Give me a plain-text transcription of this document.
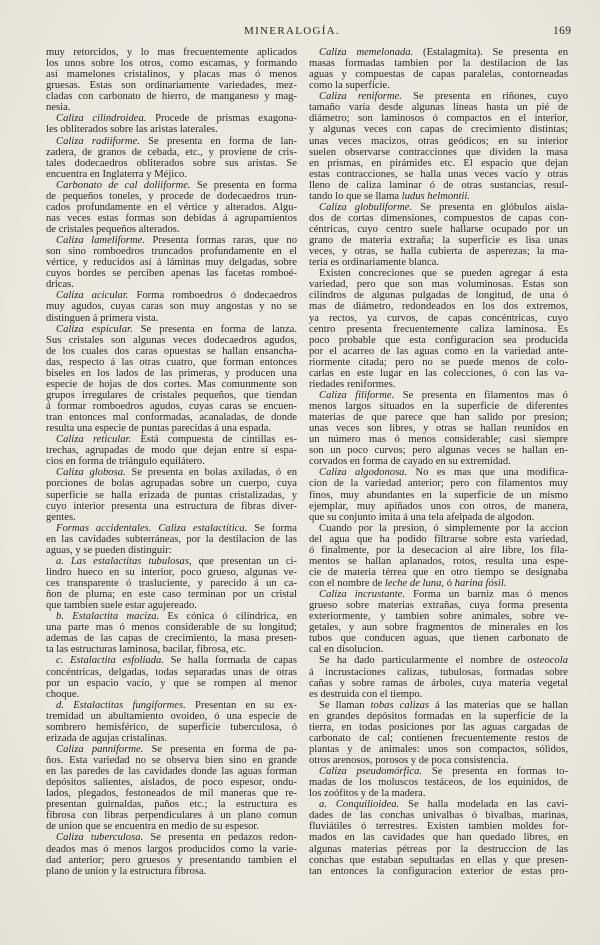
MINERALOGÍA.	169
muy retorcidos, y lo mas frecuentemente aplicados
los unos sobre los otros, como escamas, y formando
así mamelones cristalinos, y placas mas ó menos
gruesas. Estas son ordinariamente variedades, mez-
cladas con carbonato de hierro, de manganeso y mag-
nesia.
Caliza cilindroidea. Procede de prismas exagona-
les obliterados sobre las aristas laterales.
Caliza radiiforme. Se presenta en forma de lan-
zadera, de granos de cebada, etc., y proviene de cris-
tales dodecaedros obliterados sobre sus aristas. Se
encuentra en Inglaterra y Méjico.
Carbonato de cal doliiforme. Se presenta en forma
de pequeños toneles, y procede de dodecaedros trun-
cados profundamente en el vértice y alterados. Algu-
nas veces estas formas son debidas á agrupamientos
de cristales pequeños alterados.
Caliza lameliforme. Presenta formas raras, que no
son sino romboedros truncados profundamente en el
vértice, y reducidos así á láminas muy delgadas, sobre
cuyos bordes se perciben apenas las facetas romboé-
dricas.
Caliza acicular. Forma romboedros ó dodecaedros
muy agudos, cuyas caras son muy angostas y no se
distinguen á primera vista.
Caliza espicular. Se presenta en forma de lanza.
Sus cristales son algunas veces dodecaedros agudos,
de los cuales dos caras opuestas se hallan ensancha-
das, respecto á las otras cuatro, que forman entonces
biseles en los lados de las primeras, y producen una
especie de hojas de dos cortes. Mas comunmente son
grupos irregulares de cristales pequeños, que tiendan
á formar romboedros agudos, cuyas caras se encuen-
tran entonces mal conformadas, acanaladas, de donde
resulta una especie de puntas parecidas á una espada.
Caliza reticular. Está compuesta de cintillas es-
trechas, agrupadas de modo que dejan entre sí espa-
cios en forma de triángulo equilátero.
Caliza globosa. Se presenta en bolas axiladas, ó en
porciones de bolas agrupadas sobre un cuerpo, cuya
superficie se halla erizada de puntas cristalizadas, y
cuyo interior presenta una estructura de fibras diver-
gentes.
Formas accidentales. Caliza estalactítica. Se forma
en las cavidades subterráneas, por la destilacion de las
aguas, y se pueden distinguir:
a. Las estalactitas tubulosas, que presentan un ci-
lindro hueco en su interior, poco grueso, algunas ve-
ces transparente ó trasluciente, y parecido á un ca-
ñon de pluma; en este caso terminan por un cristal
que tambien suele estar agujereado.
b. Estalactita maciza. Es cónica ó cilíndrica, en
una parte mas ó menos considerable de su longitud;
ademas de las capas de crecimiento, la masa presen-
ta las estructuras laminosa, bacilar, fibrosa, etc.
c. Estalactita esfoliada. Se halla formada de capas
concéntricas, delgadas, todas separadas unas de otras
por un espacio vacío, y que se rompen al menor
choque.
d. Estalactitas fungiformes. Presentan en su ex-
tremidad un abultamiento ovoideo, ó una especie de
sombrero hemisférico, de superficie tuberculosa, ó
erizada de agujas cristalinas.
Caliza panniforme. Se presenta en forma de pa-
ños. Esta variedad no se observa bien sino en grande
en las paredes de las cavidades donde las aguas forman
depósitos salientes, aislados, de poco espesor, ondu-
lados, plegados, festoneados de mil maneras que re-
presentan guirnaldas, paños etc.; la estructura es
fibrosa con libras perpendiculares á un plano comun
de union que se encuentra en medio de su espesor.
Caliza tuberculosa. Se presenta en pedazos redon-
deados mas ó menos largos producidos como la varie-
dad anterior; pero gruesos y presentando tambien el
plano de union y la estructura fibrosa.
Caliza memelonada. (Estalagmita). Se presenta en
masas formadas tambien por la destilacion de las
aguas y compuestas de capas paralelas, contorneadas
como la superficie.
Caliza reniforme. Se presenta en riñones, cuyo
tamaño varía desde algunas líneas hasta un pié de
diámetro; son laminosos ó compactos en el interior,
y algunas veces con capas de crecimiento distintas;
unas veces macizos, otras geódicos; en su interior
suelen observarse contracciones que dividen la masa
en prismas, en pirámides etc. El espacio que dejan
estas contracciones, se halla unas veces vacío y otras
lleno de caliza laminar ó de otras sustancias, resul-
tando lo que se llama ludus helmontii.
Caliza globuliforme. Se presenta en glóbulos aisla-
dos de cortas dimensiones, compuestos de capas con-
céntricas, cuyo centro suele hallarse ocupado por un
grano de materia extraña; la superficie es lisa unas
veces, y otras, se halla cubierta de asperezas; la ma-
teria es ordinariamente blanca.
Existen concreciones que se pueden agregar á esta
variedad, pero que son mas voluminosas. Estas son
cilindros de algunas pulgadas de longitud, de una ó
mas de diámetro, redondeados en los dos extremos,
ya rectos, ya curvos, de capas concéntricas, cuyo
centro presenta frecuentemente caliza laminosa. Es
poco probable que esta configuracion sea producida
por el acarreo de las aguas como en la variedad ante-
riormente citada; pero no se puede menos de colo-
carlas en este lugar en las colecciones, ó con las va-
riedades reniformes.
Caliza filiforme. Se presenta en filamentos mas ó
menos largos situados en la superficie de diferentes
materias de que parece que han salido por presion;
unas veces son libres, y otras se hallan reunidos en
un número mas ó menos considerable; casi siempre
son un poco curvos; pero algunas veces se hallan en-
corvados en forma de cayado en su extremidad.
Caliza algodonosa. No es mas que una modifica-
cion de la variedad anterior; pero con filamentos muy
finos, muy abundantes en la superficie de un mismo
ejemplar, muy apiñados unos con otros, de manera,
que su conjunto imita á una tela afelpada de algodon.
Cuando por la presion, ó simplemente por la accion
del agua que ha podido filtrarse sobre esta variedad,
ó finalmente, por la desecacion al aire libre, los fila-
mentos se hallan aplanados, rotos, resulta una espe-
cie de materia térrea que en otro tiempo se designaba
con el nombre de leche de luna, ó harina fósil.
Caliza incrustante. Forma un barniz mas ó menos
grueso sobre materias extrañas, cuya forma presenta
exteriormente, y tambien sobre animales, sobre ve-
getales, y aun sobre fragmentos de minerales en los
tubos que conducen aguas, que tienen carbonato de
cal en disolucion.
Se ha dado particularmente el nombre de osteocola
á incrustaciones calizas, tubulosas, formadas sobre
cañas y sobre ramas de árboles, cuya materia vegetal
es destruida con el tiempo.
Se llaman tobas calizas á las materias que se hallan
en grandes depósitos formadas en la superficie de la
tierra, en todas posiciones por las aguas cargadas de
carbonato de cal; contienen frecuentemente restos de
plantas y de animales: unos son compactos, sólidos,
otros arenosos, porosos y de poca consistencia.
Caliza pseudomórfica. Se presenta en formas to-
madas de los moluscos testáceos, de los equinidos, de
los zoófitos y de la madera.
a. Conquilioidea. Se halla modelada en las cavi-
dades de las conchas univalbas ó bivalbas, marinas,
fluviátiles ó terrestres. Existen tambien moldes for-
mados en las cavidades que han quedado libres, en
algunas materias pétreas por la destruccion de las
conchas que estaban sepultadas en ellas y que presen-
tan entonces la configuracion exterior de estas pro-
